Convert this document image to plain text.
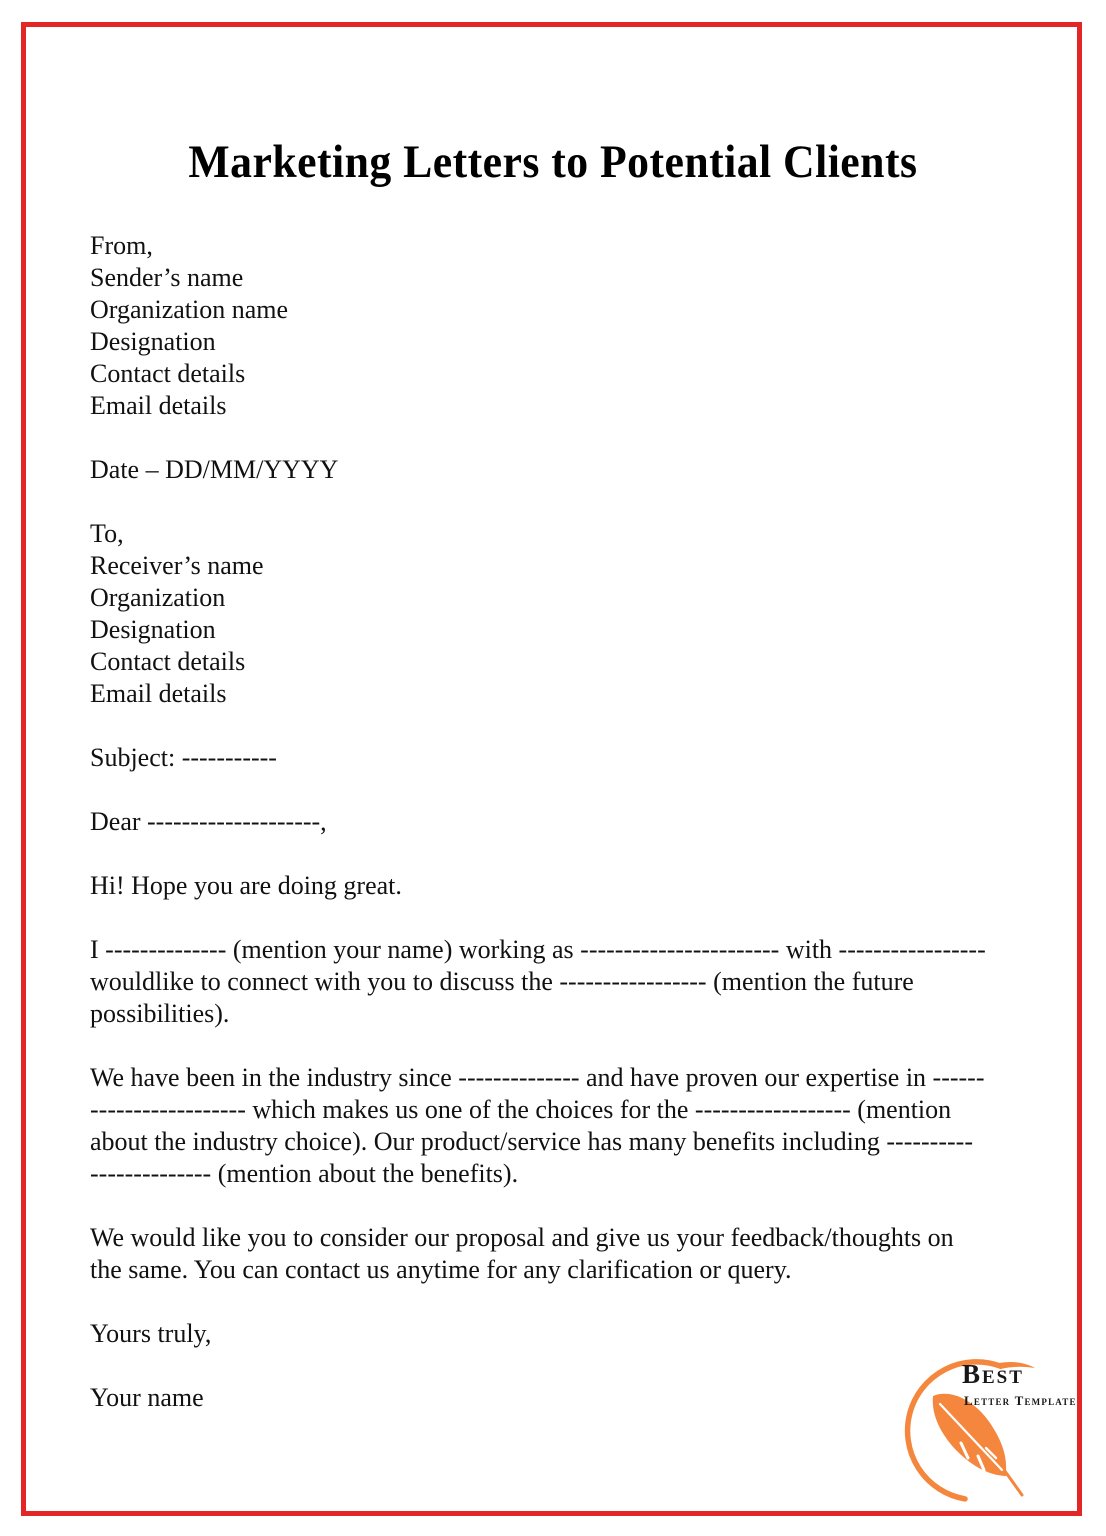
Marketing Letters to Potential Clients
From,
Sender’s name
Organization name
Designation
Contact details
Email details
Date – DD/MM/YYYY
To,
Receiver’s name
Organization
Designation
Contact details
Email details
Subject: -----------
Dear --------------------,
Hi! Hope you are doing great.
I -------------- (mention your name) working as ----------------------- with -----------------
wouldlike to connect with you to discuss the ----------------- (mention the future
possibilities).
We have been in the industry since -------------- and have proven our expertise in ------
------------------ which makes us one of the choices for the ------------------ (mention
about the industry choice). Our product/service has many benefits including ----------
-------------- (mention about the benefits).
We would like you to consider our proposal and give us your feedback/thoughts on
the same. You can contact us anytime for any clarification or query.
Yours truly,
Your name
Best
Letter Template
